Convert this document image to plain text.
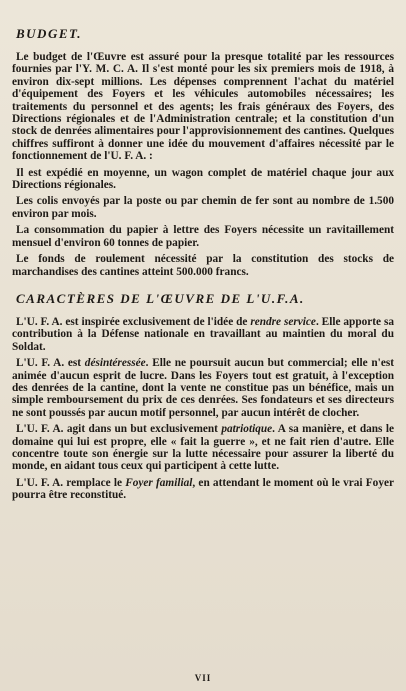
BUDGET.

Le budget de l'Œuvre est assuré pour la presque totalité par les ressources fournies par l'Y. M. C. A. Il s'est monté pour les six premiers mois de 1918, à environ dix-sept millions. Les dépenses comprennent l'achat du matériel d'équipement des Foyers et les véhicules automobiles nécessaires; les traitements du personnel et des agents; les frais généraux des Foyers, des Directions régionales et de l'Administration centrale; et la constitution d'un stock de denrées alimentaires pour l'approvisionnement des cantines. Quelques chiffres suffiront à donner une idée du mouvement d'affaires nécessité par le fonctionnement de l'U. F. A. :

Il est expédié en moyenne, un wagon complet de matériel chaque jour aux Directions régionales.

Les colis envoyés par la poste ou par chemin de fer sont au nombre de 1.500 environ par mois.

La consommation du papier à lettre des Foyers nécessite un ravitaillement mensuel d'environ 60 tonnes de papier.

Le fonds de roulement nécessité par la constitution des stocks de marchandises des cantines atteint 500.000 francs.

CARACTÈRES DE L'ŒUVRE DE L'U.F.A.

L'U. F. A. est inspirée exclusivement de l'idée de rendre service. Elle apporte sa contribution à la Défense nationale en travaillant au maintien du moral du Soldat.

L'U. F. A. est désintéressée. Elle ne poursuit aucun but commercial; elle n'est animée d'aucun esprit de lucre. Dans les Foyers tout est gratuit, à l'exception des denrées de la cantine, dont la vente ne constitue pas un bénéfice, mais un simple remboursement du prix de ces denrées. Ses fondateurs et ses directeurs ne sont poussés par aucun motif personnel, par aucun intérêt de clocher.

L'U. F. A. agit dans un but exclusivement patriotique. A sa manière, et dans le domaine qui lui est propre, elle « fait la guerre », et ne fait rien d'autre. Elle concentre toute son énergie sur la lutte nécessaire pour assurer la liberté du monde, en aidant tous ceux qui participent à cette lutte.

L'U. F. A. remplace le Foyer familial, en attendant le moment où le vrai Foyer pourra être reconstitué.

VII
